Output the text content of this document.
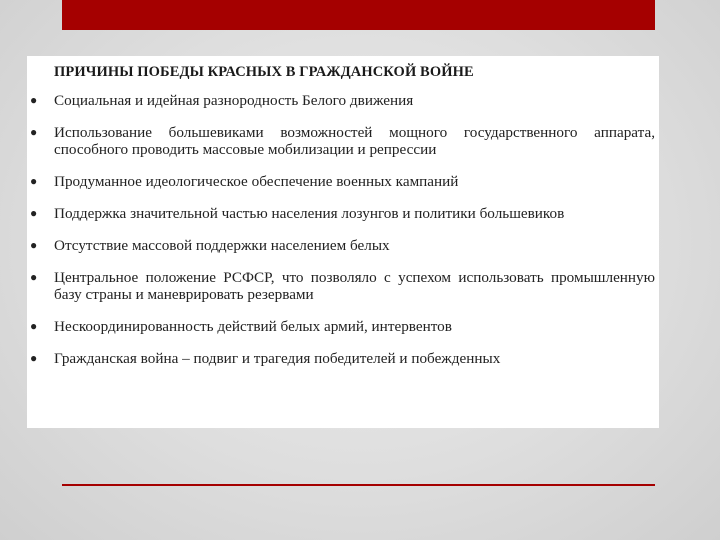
ПРИЧИНЫ ПОБЕДЫ КРАСНЫХ В ГРАЖДАНСКОЙ ВОЙНЕ
● Социальная и идейная разнородность Белого движения
● Использование большевиками возможностей мощного государственного аппарата, способного проводить массовые мобилизации и репрессии
● Продуманное идеологическое обеспечение военных кампаний
● Поддержка значительной частью населения лозунгов и политики большевиков
● Отсутствие массовой поддержки населением белых
● Центральное положение РСФСР, что позволяло с успехом использовать промышленную базу страны и маневрировать резервами
● Нескоординированность действий белых армий, интервентов
● Гражданская война – подвиг и трагедия победителей и побежденных
